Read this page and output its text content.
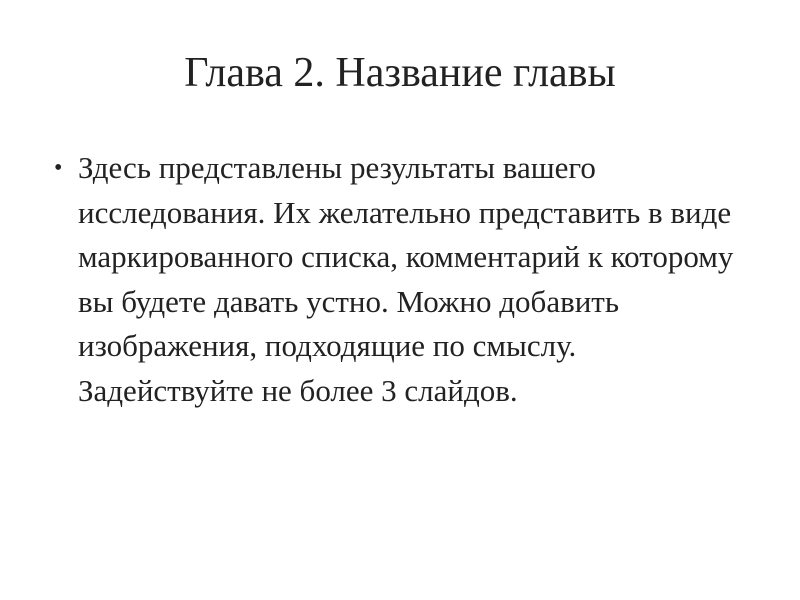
Глава 2. Название главы
• Здесь представлены результаты вашего исследования. Их желательно представить в виде маркированного списка, комментарий к которому вы будете давать устно. Можно добавить изображения, подходящие по смыслу. Задействуйте не более 3 слайдов.
